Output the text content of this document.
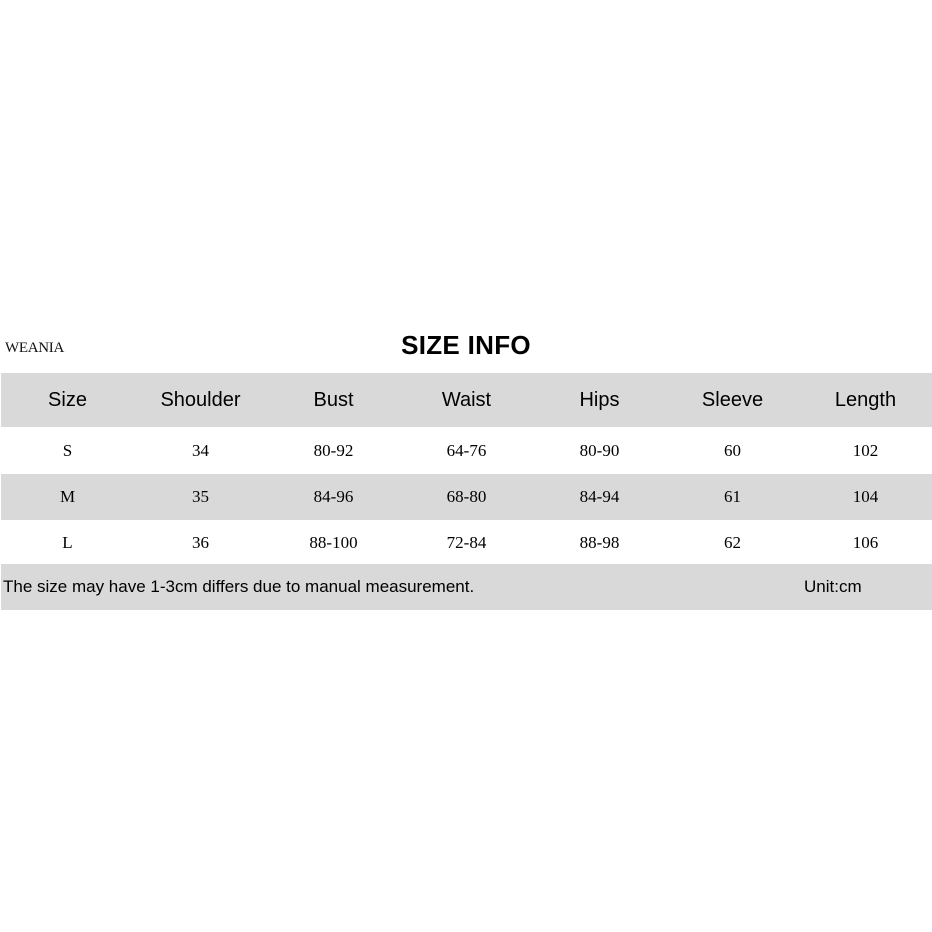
WEANIA	SIZE INFO
Size	Shoulder	Bust	Waist	Hips	Sleeve	Length
S	34	80-92	64-76	80-90	60	102
M	35	84-96	68-80	84-94	61	104
L	36	88-100	72-84	88-98	62	106
The size may have 1-3cm differs due to manual measurement.	Unit:cm
